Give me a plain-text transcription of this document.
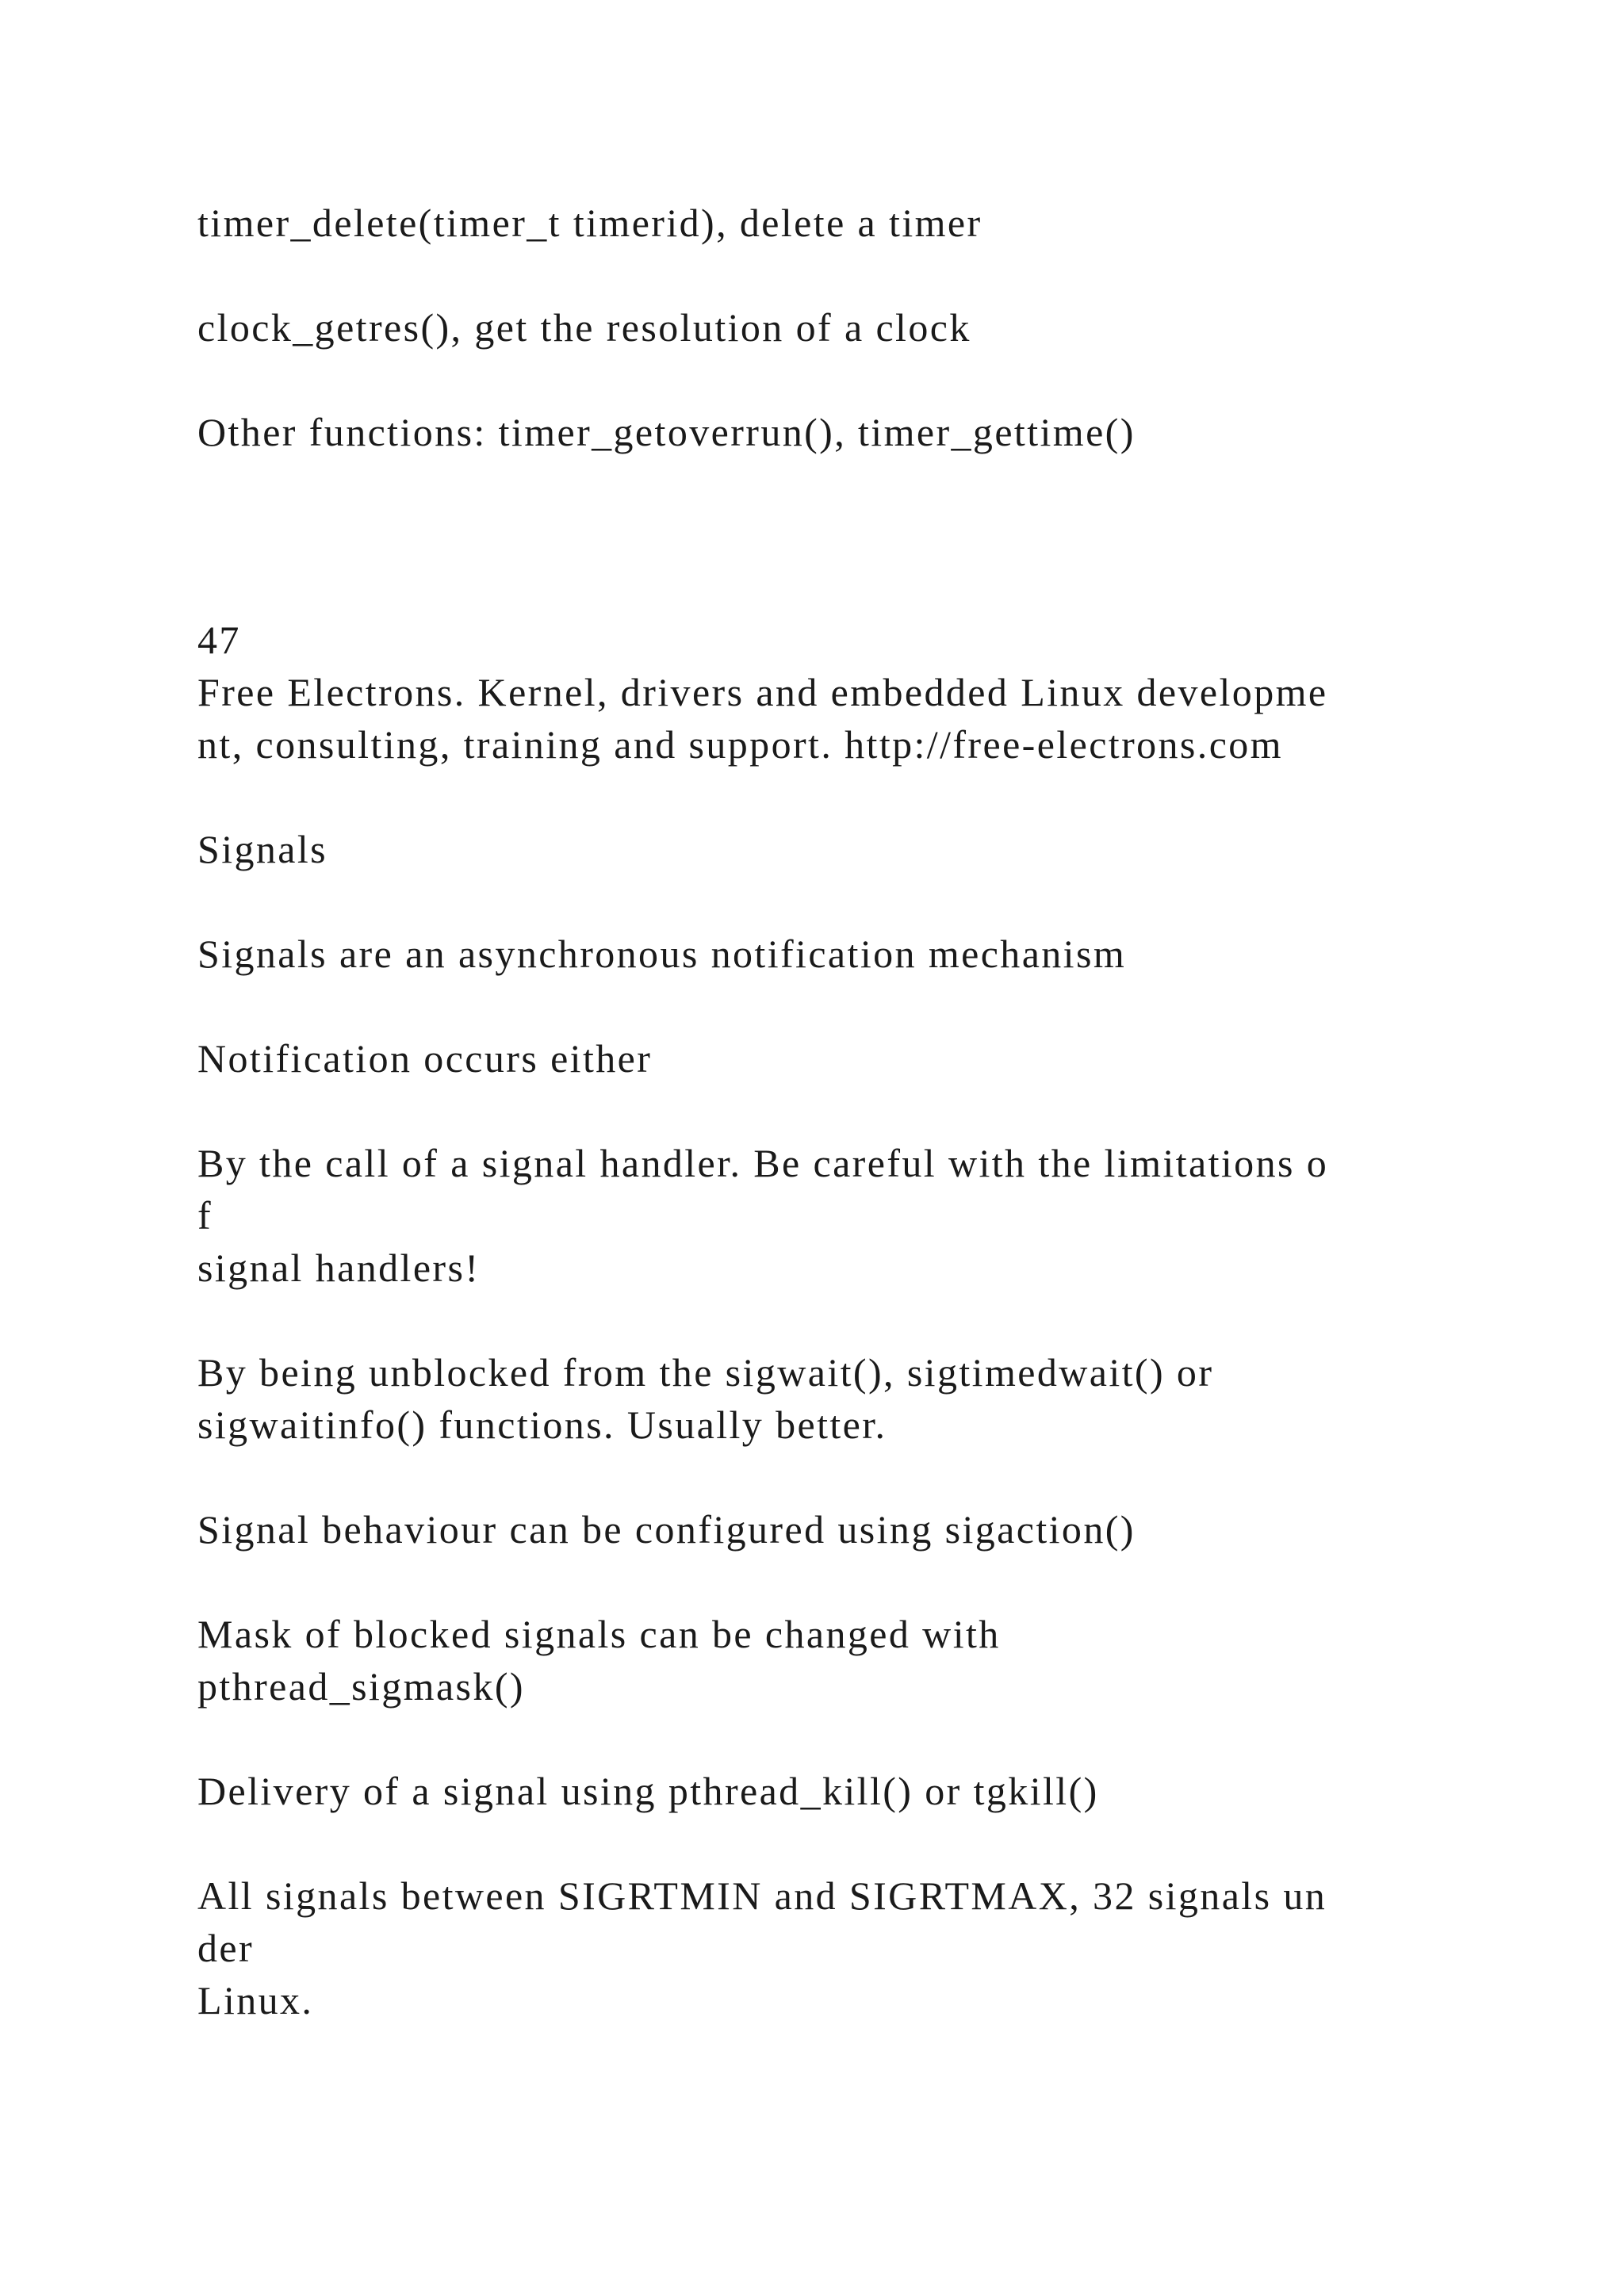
timer_delete(timer_t timerid), delete a timer
clock_getres(), get the resolution of a clock
Other functions: timer_getoverrun(), timer_gettime()
47
Free Electrons. Kernel, drivers and embedded Linux developme
nt, consulting, training and support. http://free-electrons.com
Signals
Signals are an asynchronous notification mechanism
Notification occurs either
By the call of a signal handler. Be careful with the limitations o
f
signal handlers!
By being unblocked from the sigwait(), sigtimedwait() or
sigwaitinfo() functions. Usually better.
Signal behaviour can be configured using sigaction()
Mask of blocked signals can be changed with
pthread_sigmask()
Delivery of a signal using pthread_kill() or tgkill()
All signals between SIGRTMIN and SIGRTMAX, 32 signals un
der
Linux.
